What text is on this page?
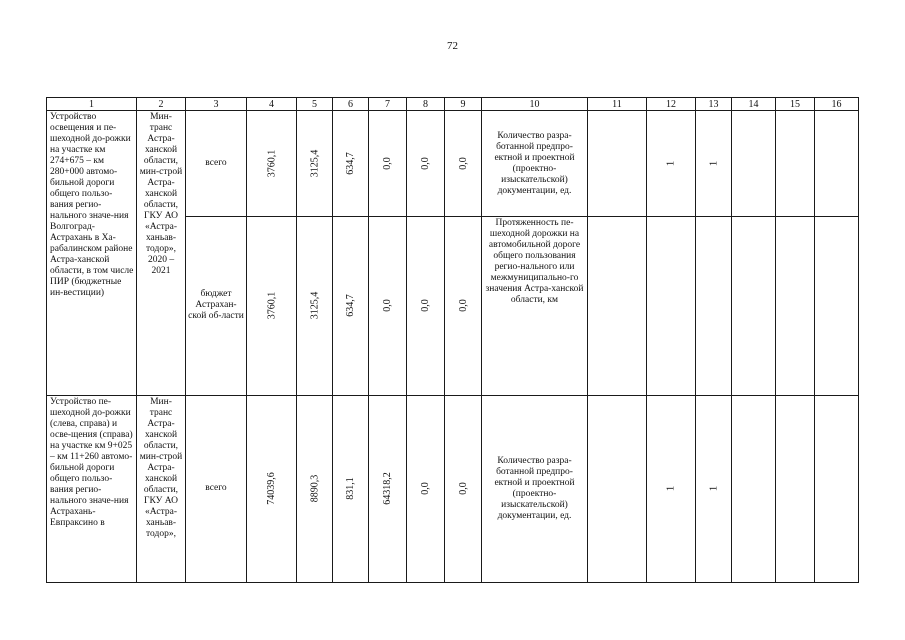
72
1	2	3	4	5	6	7	8	9	10	11	12	13	14	15	16
Устройство освещения и пе-шеходной до-рожки на участке км 274+675 – км 280+000 автомо-бильной дороги общего пользо-вания регио-нального значе-ния Волгоград-Астрахань в Ха-рабалинском районе Астра-ханской области, в том числе ПИР (бюджетные ин-вестиции)	Мин-транс Астра-ханской области, мин-строй Астра-ханской области, ГКУ АО «Астра-ханьав-тодор», 2020 – 2021	всего	3760,1	3125,4	634,7	0,0	0,0	0,0	Количество разра-ботанной предпро-ектной и проектной (проектно-изыскательской) документации, ед.		1	1			
		бюджет Астрахан-ской об-ласти	3760,1	3125,4	634,7	0,0	0,0	0,0	Протяженность пе-шеходной дорожки на автомобильной дороге общего пользования регио-нального или межмуниципально-го значения Астра-ханской области, км						
Устройство пе-шеходной до-рожки (слева, справа) и осве-щения (справа) на участке км 9+025 – км 11+260 автомо-бильной дороги общего пользо-вания регио-нального значе-ния Астрахань-Евпраксино в	Мин-транс Астра-ханской области, мин-строй Астра-ханской области, ГКУ АО «Астра-ханьав-тодор»,	всего	74039,6	8890,3	831,1	64318,2	0,0	0,0	Количество разра-ботанной предпро-ектной и проектной (проектно-изыскательской) документации, ед.		1	1			
